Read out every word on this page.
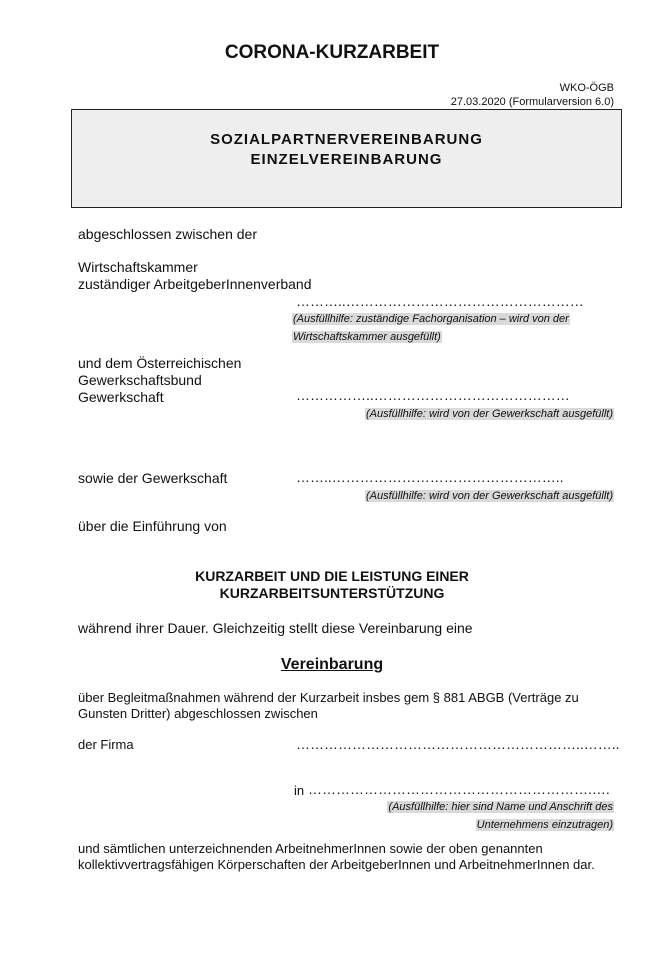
CORONA-KURZARBEIT
WKO-ÖGB
27.03.2020 (Formularversion 6.0)
SOZIALPARTNERVEREINBARUNG
EINZELVEREINBARUNG
abgeschlossen zwischen der
Wirtschaftskammer
zuständiger ArbeitgeberInnenverband
………..……………………………………………
(Ausfüllhilfe: zuständige Fachorganisation – wird von der
Wirtschaftskammer ausgefüllt)
und dem Österreichischen
Gewerkschaftsbund
Gewerkschaft	……………..……………………………………
(Ausfüllhilfe: wird von der Gewerkschaft ausgefüllt)
sowie der Gewerkschaft	……..…………………………………………..
(Ausfüllhilfe: wird von der Gewerkschaft ausgefüllt)
über die Einführung von
KURZARBEIT UND DIE LEISTUNG EINER
KURZARBEITSUNTERSTÜTZUNG
während ihrer Dauer. Gleichzeitig stellt diese Vereinbarung eine
Vereinbarung
über Begleitmaßnahmen während der Kurzarbeit insbes gem § 881 ABGB (Verträge zu
Gunsten Dritter) abgeschlossen zwischen
der Firma	……………………………………………………..……..
in …………………………………………………….….
(Ausfüllhilfe: hier sind Name und Anschrift des
Unternehmens einzutragen)
und sämtlichen unterzeichnenden ArbeitnehmerInnen sowie der oben genannten
kollektivvertragsfähigen Körperschaften der ArbeitgeberInnen und ArbeitnehmerInnen dar.
